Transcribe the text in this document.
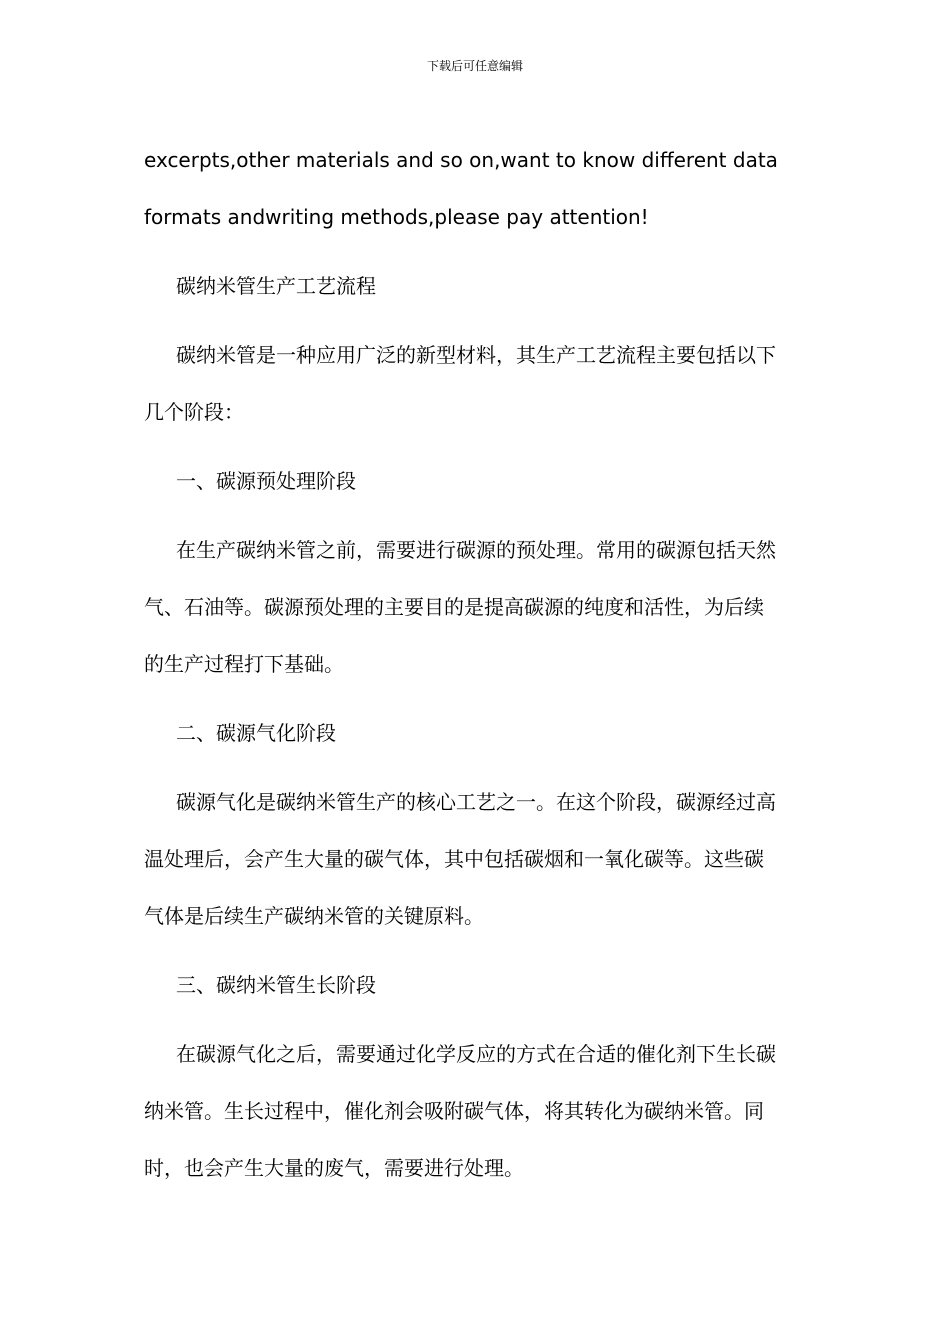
下载后可任意编辑

excerpts,other materials and so on,want to know different data
formats andwriting methods,please pay attention!

碳纳米管生产工艺流程

碳纳米管是一种应用广泛的新型材料，其生产工艺流程主要包括以下
几个阶段：

一、碳源预处理阶段

在生产碳纳米管之前，需要进行碳源的预处理。常用的碳源包括天然
气、石油等。碳源预处理的主要目的是提高碳源的纯度和活性，为后续
的生产过程打下基础。

二、碳源气化阶段

碳源气化是碳纳米管生产的核心工艺之一。在这个阶段，碳源经过高
温处理后，会产生大量的碳气体，其中包括碳烟和一氧化碳等。这些碳
气体是后续生产碳纳米管的关键原料。

三、碳纳米管生长阶段

在碳源气化之后，需要通过化学反应的方式在合适的催化剂下生长碳
纳米管。生长过程中，催化剂会吸附碳气体，将其转化为碳纳米管。同
时，也会产生大量的废气，需要进行处理。
